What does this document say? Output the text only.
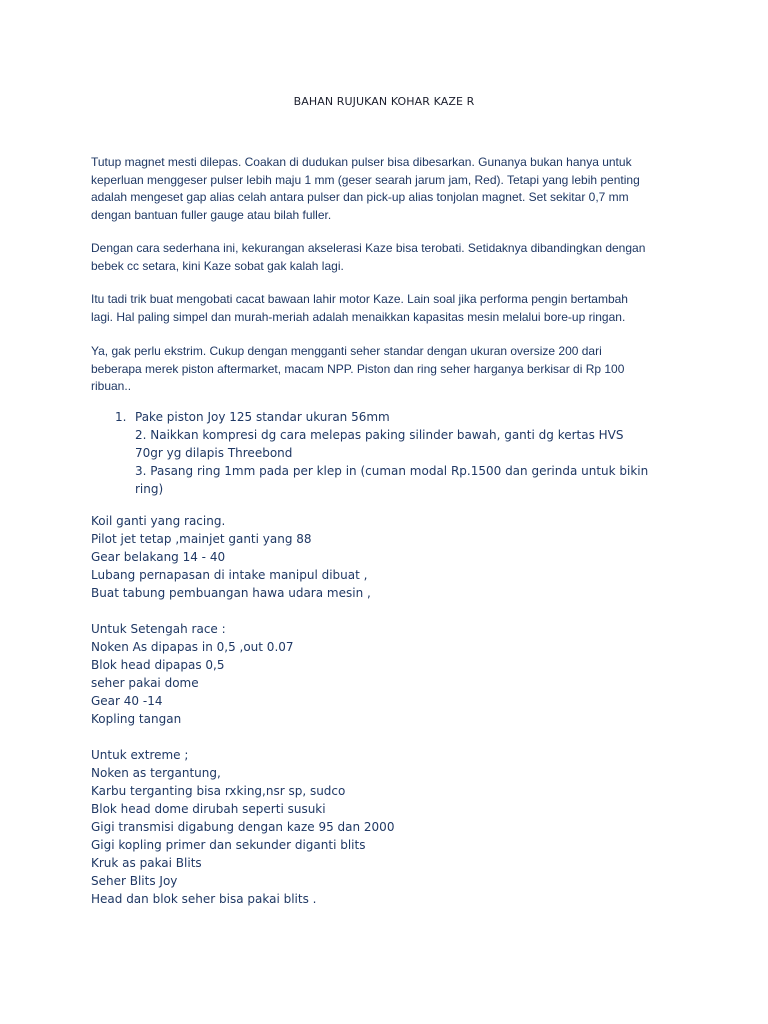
BAHAN RUJUKAN KOHAR KAZE R
Tutup magnet mesti dilepas. Coakan di dudukan pulser bisa dibesarkan. Gunanya bukan hanya untuk
keperluan menggeser pulser lebih maju 1 mm (geser searah jarum jam, Red). Tetapi yang lebih penting
adalah mengeset gap alias celah antara pulser dan pick-up alias tonjolan magnet. Set sekitar 0,7 mm
dengan bantuan fuller gauge atau bilah fuller.
Dengan cara sederhana ini, kekurangan akselerasi Kaze bisa terobati. Setidaknya dibandingkan dengan
bebek cc setara, kini Kaze sobat gak kalah lagi.
Itu tadi trik buat mengobati cacat bawaan lahir motor Kaze. Lain soal jika performa pengin bertambah
lagi. Hal paling simpel dan murah-meriah adalah menaikkan kapasitas mesin melalui bore-up ringan.
Ya, gak perlu ekstrim. Cukup dengan mengganti seher standar dengan ukuran oversize 200 dari
beberapa merek piston aftermarket, macam NPP. Piston dan ring seher harganya berkisar di Rp 100
ribuan..
1. Pake piston Joy 125 standar ukuran 56mm
2. Naikkan kompresi dg cara melepas paking silinder bawah, ganti dg kertas HVS
70gr yg dilapis Threebond
3. Pasang ring 1mm pada per klep in (cuman modal Rp.1500 dan gerinda untuk bikin
ring)
Koil ganti yang racing.
Pilot jet tetap ,mainjet ganti yang 88
Gear belakang 14 - 40
Lubang pernapasan di intake manipul dibuat ,
Buat tabung pembuangan hawa udara mesin ,
Untuk Setengah race :
Noken As dipapas in 0,5 ,out 0.07
Blok head dipapas 0,5
seher pakai dome
Gear 40 -14
Kopling tangan
Untuk extreme ;
Noken as tergantung,
Karbu terganting bisa rxking,nsr sp, sudco
Blok head dome dirubah seperti susuki
Gigi transmisi digabung dengan kaze 95 dan 2000
Gigi kopling primer dan sekunder diganti blits
Kruk as pakai Blits
Seher Blits Joy
Head dan blok seher bisa pakai blits .
